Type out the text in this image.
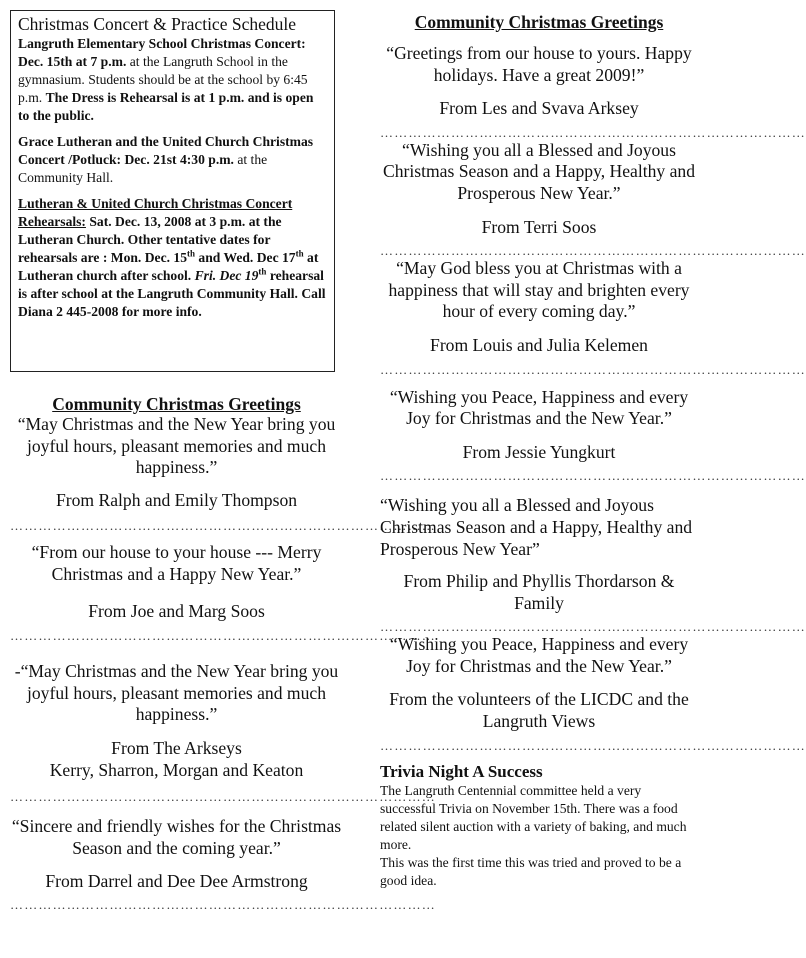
Christmas Concert & Practice Schedule

Langruth Elementary School Christmas Concert: Dec. 15th at 7 p.m. at the Langruth School in the gymnasium. Students should be at the school by 6:45 p.m. The Dress is Rehearsal is at 1 p.m. and is open to the public.

Grace Lutheran and the United Church Christmas Concert /Potluck: Dec. 21st 4:30 p.m. at the Community Hall.

Lutheran & United Church Christmas Concert Rehearsals: Sat. Dec. 13, 2008 at 3 p.m. at the Lutheran Church. Other tentative dates for rehearsals are : Mon. Dec. 15th and Wed. Dec 17th at Lutheran church after school. Fri. Dec 19th rehearsal is after school at the Langruth Community Hall. Call Diana 2 445-2008 for more info.

Community Christmas Greetings

“May Christmas and the New Year bring you joyful hours, pleasant memories and much happiness.”

From Ralph and Emily Thompson

………………………………………………………………………………

“From our house to your house --- Merry Christmas and a Happy New Year.”

From Joe and Marg Soos

………………………………………………………………………………

-“May Christmas and the New Year bring you joyful hours, pleasant memories and much happiness.”

From The Arkseys

Kerry, Sharron, Morgan and Keaton

………………………………………………………………………………

“Sincere and friendly wishes for the Christmas Season and the coming year.”

From Darrel and Dee Dee Armstrong

………………………………………………………………………………

Community Christmas Greetings

“Greetings from our house to yours. Happy holidays. Have a great 2009!”

From Les and Svava Arksey

………………………………………………………………………………

“Wishing you all a Blessed and Joyous Christmas Season and a Happy, Healthy and Prosperous New Year.”

From Terri Soos

………………………………………………………………………………

“May God bless you at Christmas with a happiness that will stay and brighten every hour of every coming day.”

From Louis and Julia Kelemen

………………………………………………………………………………

“Wishing you Peace, Happiness and every Joy for Christmas and the New Year.”

From Jessie Yungkurt

………………………………………………………………………………

“Wishing you all a Blessed and Joyous Christmas Season and a Happy, Healthy and Prosperous New Year”

From Philip and Phyllis Thordarson & Family

………………………………………………………………………………

“Wishing you Peace, Happiness and every Joy for Christmas and the New Year.”

From the volunteers of the LICDC and the Langruth Views

………………………………………………………………………………

Trivia Night A Success

The Langruth Centennial committee held a very successful Trivia on November 15th. There was a food related silent auction with a variety of baking, and much more.

This was the first time this was tried and proved to be a good idea.
